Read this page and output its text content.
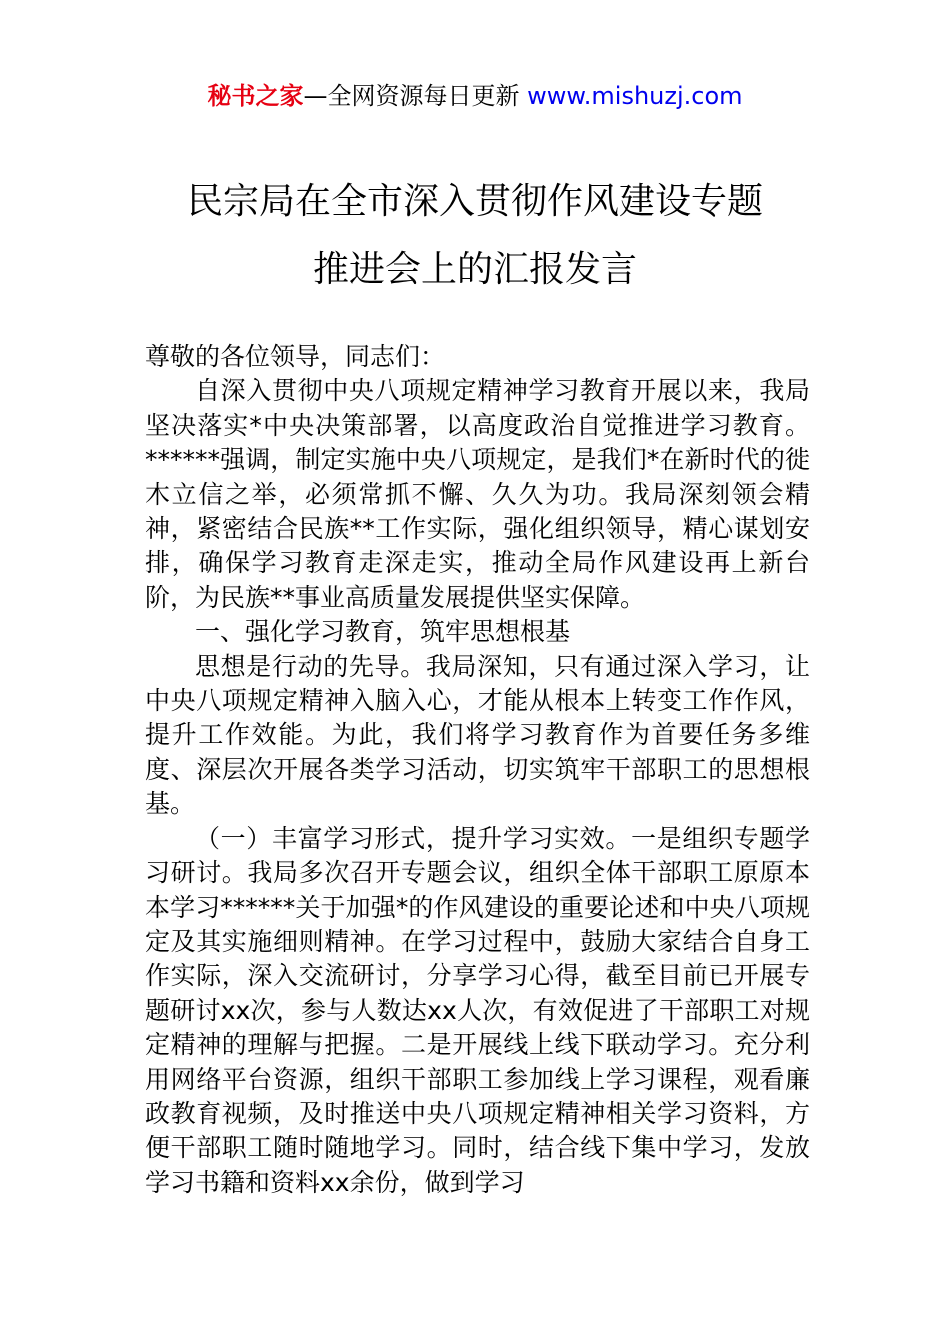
秘书之家—全网资源每日更新 www.mishuzj.com
民宗局在全市深入贯彻作风建设专题
推进会上的汇报发言

尊敬的各位领导，同志们：

自深入贯彻中央八项规定精神学习教育开展以来，我局坚决落实*中央决策部署，以高度政治自觉推进学习教育。******强调，制定实施中央八项规定，是我们*在新时代的徙木立信之举，必须常抓不懈、久久为功。我局深刻领会精神，紧密结合民族**工作实际，强化组织领导，精心谋划安排，确保学习教育走深走实，推动全局作风建设再上新台阶，为民族**事业高质量发展提供坚实保障。

一、强化学习教育，筑牢思想根基

思想是行动的先导。我局深知，只有通过深入学习，让中央八项规定精神入脑入心，才能从根本上转变工作作风，提升工作效能。为此，我们将学习教育作为首要任务多维度、深层次开展各类学习活动，切实筑牢干部职工的思想根基。

（一）丰富学习形式，提升学习实效。一是组织专题学习研讨。我局多次召开专题会议，组织全体干部职工原原本本学习******关于加强*的作风建设的重要论述和中央八项规定及其实施细则精神。在学习过程中，鼓励大家结合自身工作实际，深入交流研讨，分享学习心得，截至目前已开展专题研讨xx次，参与人数达xx人次，有效促进了干部职工对规定精神的理解与把握。二是开展线上线下联动学习。充分利用网络平台资源，组织干部职工参加线上学习课程，观看廉政教育视频，及时推送中央八项规定精神相关学习资料，方便干部职工随时随地学习。同时，结合线下集中学习，发放学习书籍和资料xx余份，做到学习
